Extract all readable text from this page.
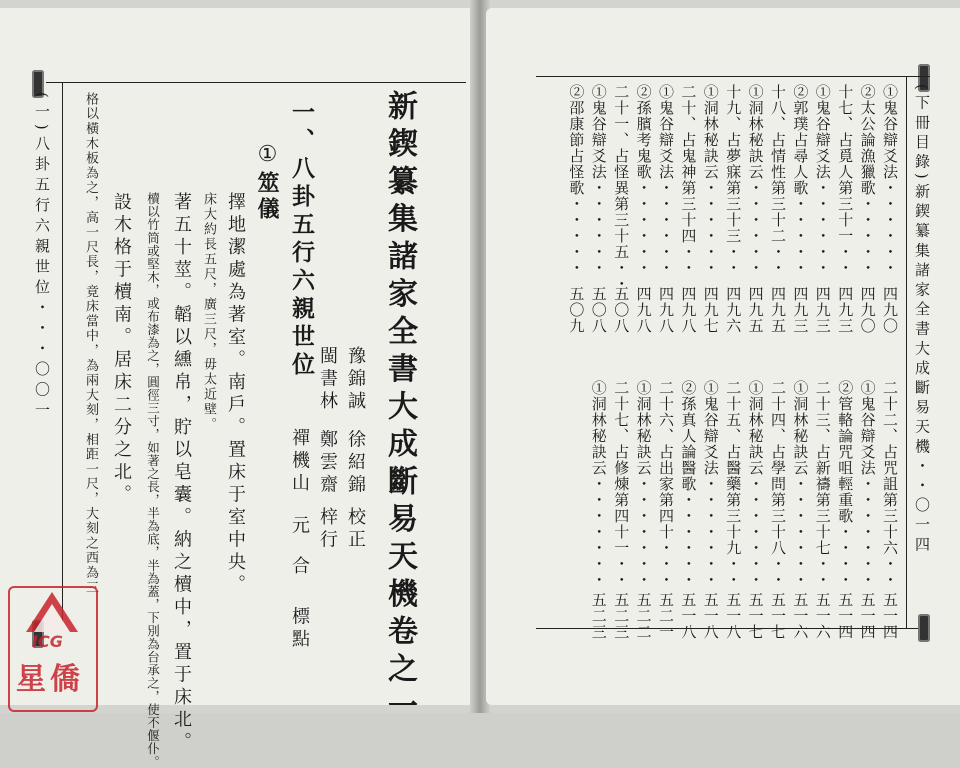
(一)八卦五行六親世位・・・〇〇一	新鍥纂集諸家全書大成斷易天機卷之一
一、八卦五行六親世位
①筮儀
豫錦誠徐紹錦校正
閩書林鄭雲齋梓行
禪機山元合標點
擇地潔處為著室。南戶。置床于室中央。
床大約長五尺，廣三尺，毋太近壁。
著五十莖。韜以纁帛，貯以皂囊。納之櫝中，置于床北。
櫝以竹筒或堅木，或布漆為之，圓徑三寸，如著之長，半為底，半為蓋，下別為台承之，使不偃仆。
設木格于櫝南。居床二分之北。
格以橫木板為之，高一尺長，竟床當中，為兩大刻，相距一尺，大刻之西為三
ICG
星僑
(下冊目錄)新鍥纂集諸家全書大成斷易天機・・〇一四
①鬼谷辯爻法・・・・・・
四九〇
②太公論漁獵歌・・・・・
四九〇
十七、占覓人第三十一・・
四九三
①鬼谷辯爻法・・・・・・
四九三
②郭璞占尋人歌・・・・・
四九三
十八、占情性第三十二・・
四九五
①洞林秘訣云・・・・・・
四九五
十九、占夢寐第三十三・・
四九六
①洞林秘訣云・・・・・・
四九七
二十、占鬼神第三十四・・
四九八
①鬼谷辯爻法・・・・・・
四九八
②孫臏考鬼歌・・・・・・
四九八
二十一、占怪異第三十五・・
五〇八
①鬼谷辯爻法・・・・・・
五〇八
②邵康節占怪歌・・・・・
五〇九
二十二、占咒詛第三十六・・
五一四
①鬼谷辯爻法・・・・・・・
五一四
②管輅論咒咀輕重歌・・・・
五一四
二十三、占新禱第三十七・・
五一六
①洞林秘訣云・・・・・・・
五一六
二十四、占學問第三十八・・
五一七
①洞林秘訣云・・・・・・・
五一七
二十五、占醫藥第三十九・・
五一八
①鬼谷辯爻法・・・・・・・
五一八
②孫真人論醫歌・・・・・・
五一八
二十六、占出家第四十・・・
五二一
①洞林秘訣云・・・・・・・
五二二
二十七、占修煉第四十一・・
五二三
①洞林秘訣云・・・・・・・
五二三
